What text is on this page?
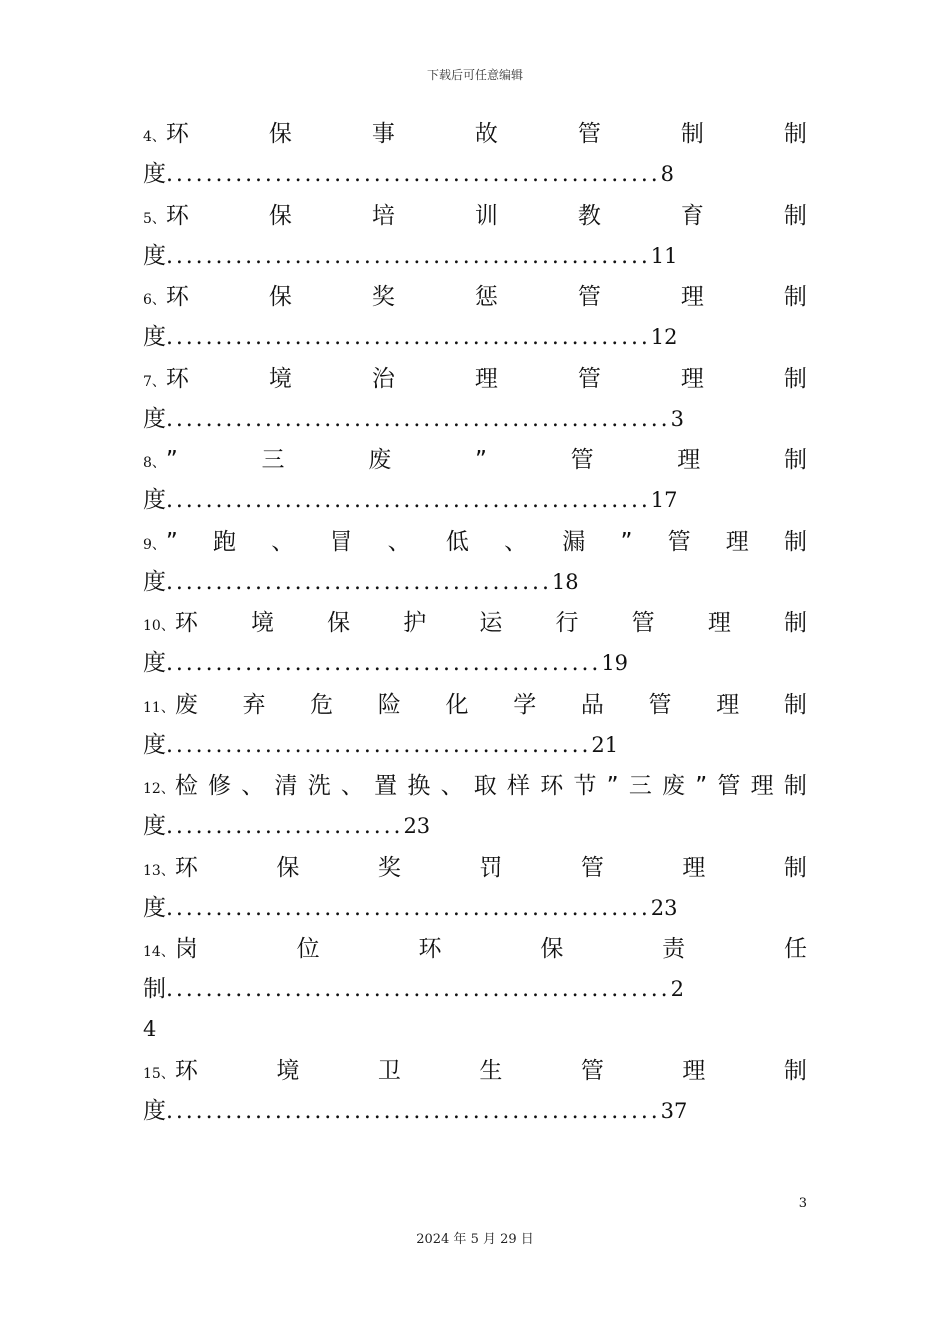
下载后可任意编辑
4、 环	保	事	故	管	制	制
度..................................................8
5、 环	保	培	训	教	育	制
度.................................................11
6、 环	保	奖	惩	管	理	制
度.................................................12
7、 环	境	治	理	管	理	制
度...................................................3
8、 ”	三	废	”	管	理	制
度.................................................17
9、 ” 跑 、 冒 、 低 、 漏 ” 管 理 制
度.......................................18
10、 环 境 保 护 运 行 管 理 制
度............................................19
11、 废 弃 危 险 化 学 品 管 理 制
度...........................................21
12、 检 修 、 清 洗 、 置 换 、 取 样 环 节 ” 三 废 ” 管 理 制
度........................23
13、 环	保	奖	罚	管	理	制
度.................................................23
14、 岗	位	环	保	责	任
制...................................................2
4
15、 环	境	卫	生	管	理	制
度..................................................37
3
2024 年 5 月 29 日
